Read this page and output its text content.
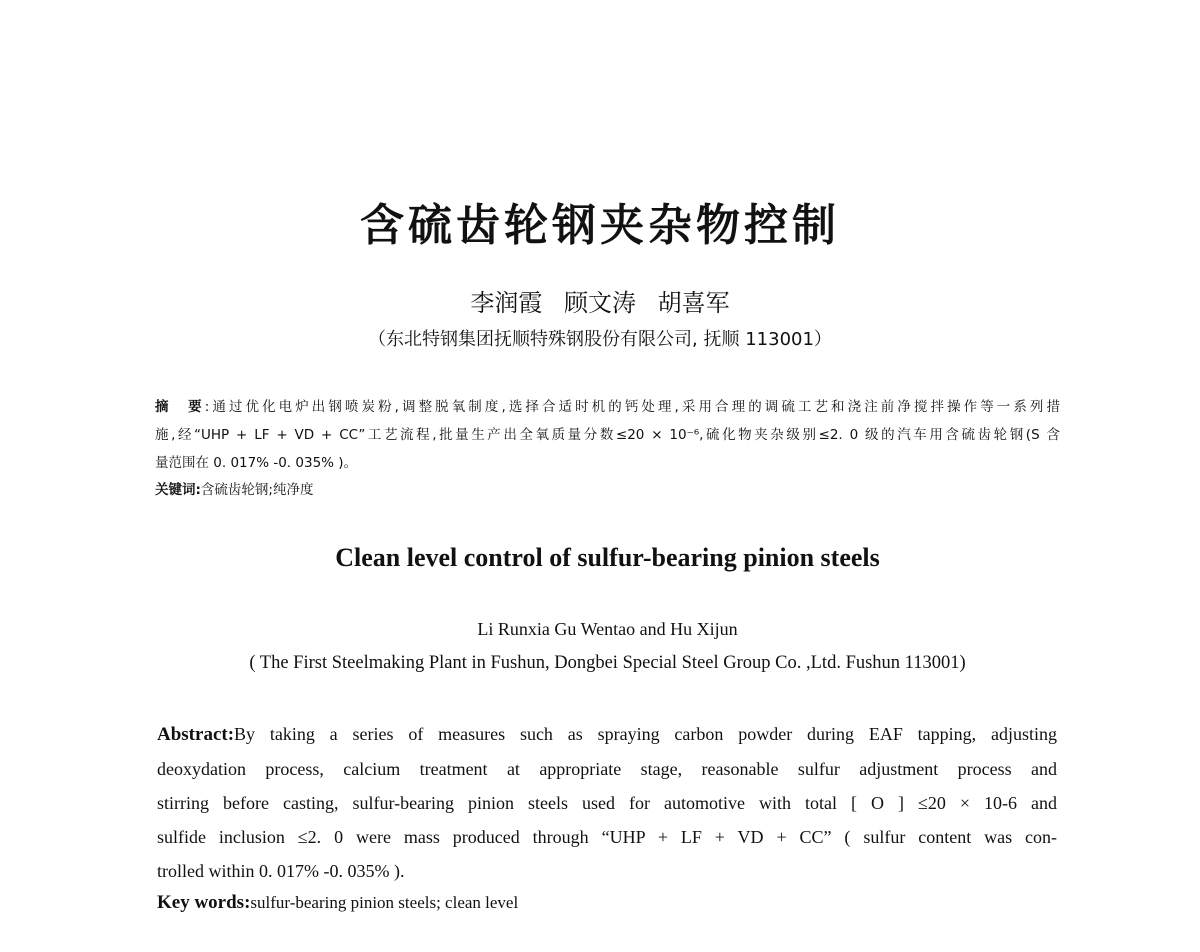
含硫齿轮钢夹杂物控制
李润霞 顾文涛 胡喜军
（东北特钢集团抚顺特殊钢股份有限公司, 抚顺 113001）
摘　要:通过优化电炉出钢喷炭粉,调整脱氧制度,选择合适时机的钙处理,采用合理的调硫工艺和浇注前净搅拌操作等一系列措
施,经“UHP + LF + VD + CC”工艺流程,批量生产出全氧质量分数≤20 × 10⁻⁶,硫化物夹杂级别≤2. 0 级的汽车用含硫齿轮钢(S 含
量范围在 0. 017% -0. 035% )。
关键词:含硫齿轮钢;纯净度
Clean level control of sulfur-bearing pinion steels
Li Runxia Gu Wentao and Hu Xijun
( The First Steelmaking Plant in Fushun, Dongbei Special Steel Group Co. ,Ltd. Fushun 113001)
Abstract:By taking a series of measures such as spraying carbon powder during EAF tapping, adjusting
deoxydation process, calcium treatment at appropriate stage, reasonable sulfur adjustment process and
stirring before casting, sulfur-bearing pinion steels used for automotive with total [ O ] ≤20 × 10-6 and
sulfide inclusion ≤2. 0 were mass produced through “UHP + LF + VD + CC” ( sulfur content was con-
trolled within 0. 017% -0. 035% ).
Key words:sulfur-bearing pinion steels; clean level
